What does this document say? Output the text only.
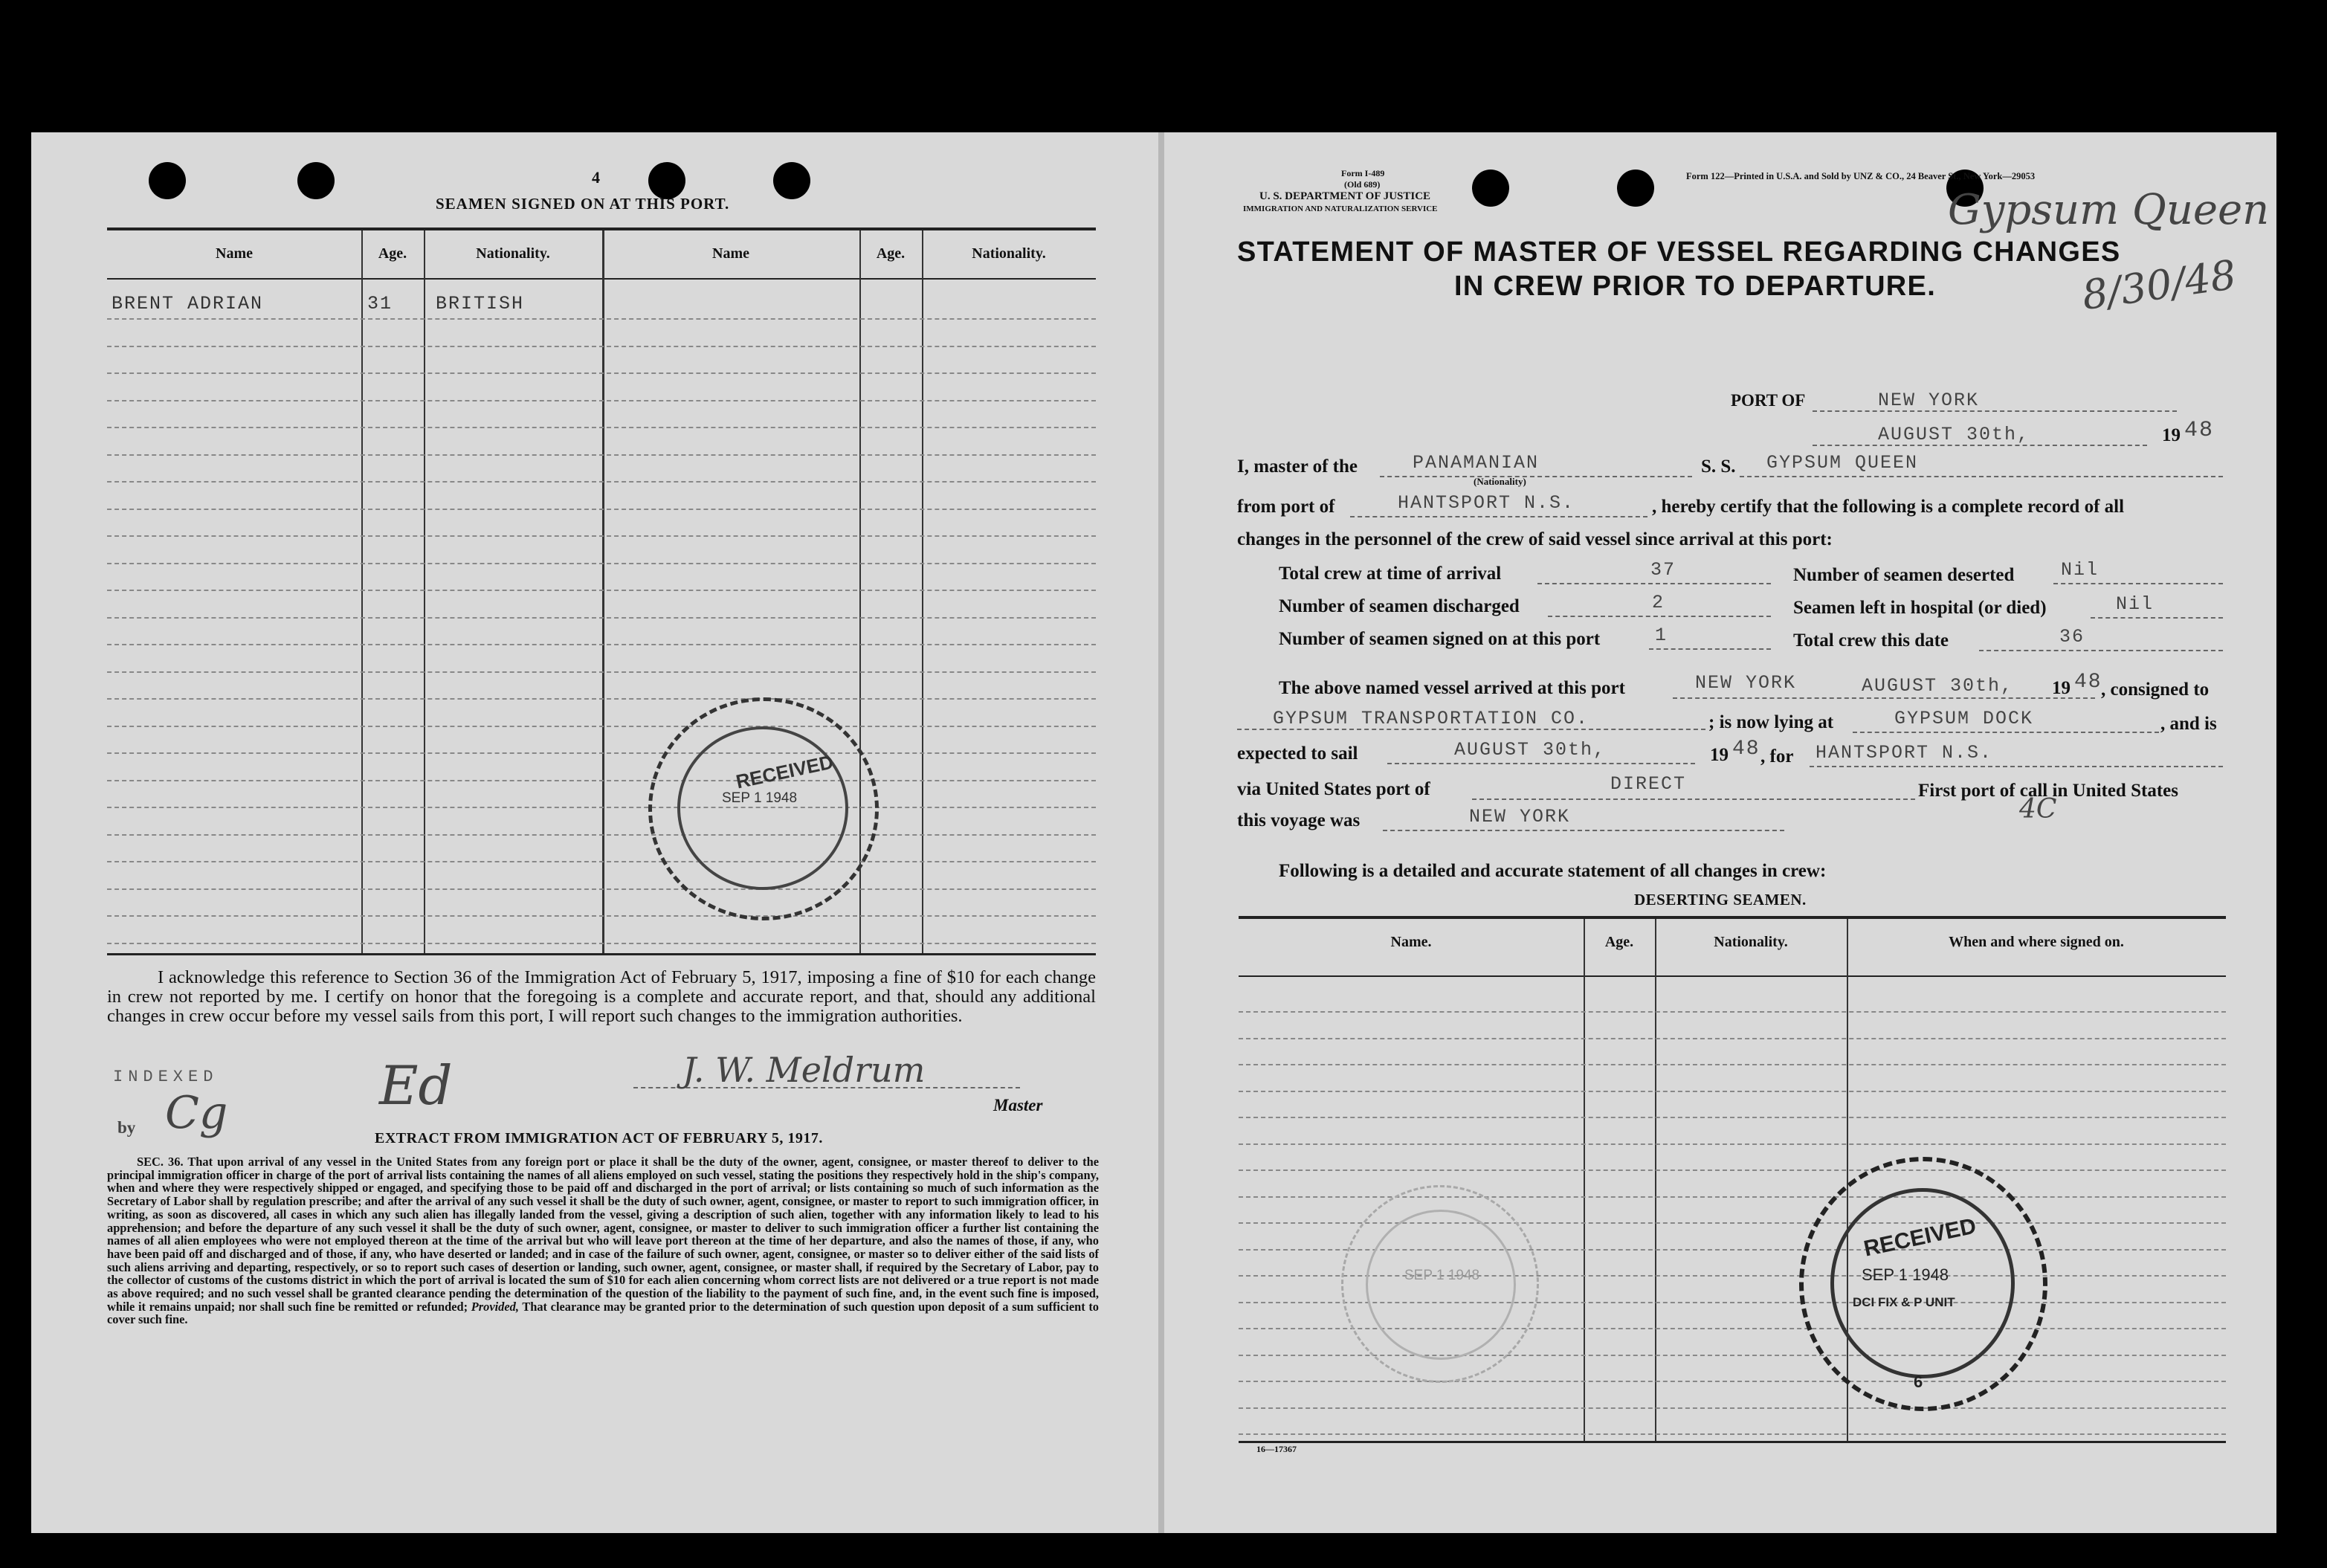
4
SEAMEN SIGNED ON AT THIS PORT.
Name	Age.	Nationality.	Name	Age.	Nationality.
BRENT ADRIAN	31 BRITISH
RECEIVED
SEP 1 1948
I acknowledge this reference to Section 36 of the Immigration Act of February 5, 1917, imposing a fine of $10 for each change in crew not reported by me. I certify on honor that the foregoing is a complete and accurate report, and that, should any additional changes in crew occur before my vessel sails from this port, I will report such changes to the immigration authorities.
INDEXED
by Cg	Ed	J. W. Meldrum
Master
EXTRACT FROM IMMIGRATION ACT OF FEBRUARY 5, 1917.
SEC. 36. That upon arrival of any vessel in the United States from any foreign port or place it shall be the duty of the owner, agent, consignee, or master thereof to deliver to the principal immigration officer in charge of the port of arrival lists containing the names of all aliens employed on such vessel, stating the positions they respectively hold in the ship's company, when and where they were respectively shipped or engaged, and specifying those to be paid off and discharged in the port of arrival; or lists containing so much of such information as the Secretary of Labor shall by regulation prescribe; and after the arrival of any such vessel it shall be the duty of such owner, agent, consignee, or master to report to such immigration officer, in writing, as soon as discovered, all cases in which any such alien has illegally landed from the vessel, giving a description of such alien, together with any information likely to lead to his apprehension; and before the departure of any such vessel it shall be the duty of such owner, agent, consignee, or master to deliver to such immigration officer a further list containing the names of all alien employees who were not employed thereon at the time of the arrival but who will leave port thereon at the time of her departure, and also the names of those, if any, who have been paid off and discharged and of those, if any, who have deserted or landed; and in case of the failure of such owner, agent, consignee, or master so to deliver either of the said lists of such aliens arriving and departing, respectively, or so to report such cases of desertion or landing, such owner, agent, consignee, or master shall, if required by the Secretary of Labor, pay to the collector of customs of the customs district in which the port of arrival is located the sum of $10 for each alien concerning whom correct lists are not delivered or a true report is not made as above required; and no such vessel shall be granted clearance pending the determination of the question of the liability to the payment of such fine, and, in the event such fine is imposed, while it remains unpaid; nor shall such fine be remitted or refunded; Provided, That clearance may be granted prior to the determination of such question upon deposit of a sum sufficient to cover such fine.
Form I-489
(Old 689)
U. S. DEPARTMENT OF JUSTICE
IMMIGRATION AND NATURALIZATION SERVICE
Form 122—Printed in U.S.A. and Sold by UNZ & CO., 24 Beaver St., New York—29053
Gypsum Queen
8/30/48
STATEMENT OF MASTER OF VESSEL REGARDING CHANGES
IN CREW PRIOR TO DEPARTURE.
PORT OF	NEW YORK
AUGUST 30th,	19 48
I, master of the	PANAMANIAN
(Nationality)
S. S. GYPSUM QUEEN
from port of	HANTSPORT N.S.	, hereby certify that the following is a complete record of all
changes in the personnel of the crew of said vessel since arrival at this port:
Total crew at time of arrival	37
Number of seamen discharged	2
Number of seamen signed on at this port	1
Number of seamen deserted	Nil
Seamen left in hospital (or died)	Nil
Total crew this date	36
The above named vessel arrived at this port	NEW YORK	AUGUST 30th, 19 48
, consigned to
GYPSUM TRANSPORTATION CO.	; is now lying at	GYPSUM DOCK	, and is
expected to sail	AUGUST 30th,	19 48 , for HANTSPORT N.S.
via United States port of	DIRECT	First port of call in United States
this voyage was	NEW YORK	4C
Following is a detailed and accurate statement of all changes in crew:
DESERTING SEAMEN.
Name.	Age.	Nationality.	When and where signed on.
SEP 1 1948
RECEIVED
SEP 1 1948
DCI FIX & P UNIT
6
16—17367
